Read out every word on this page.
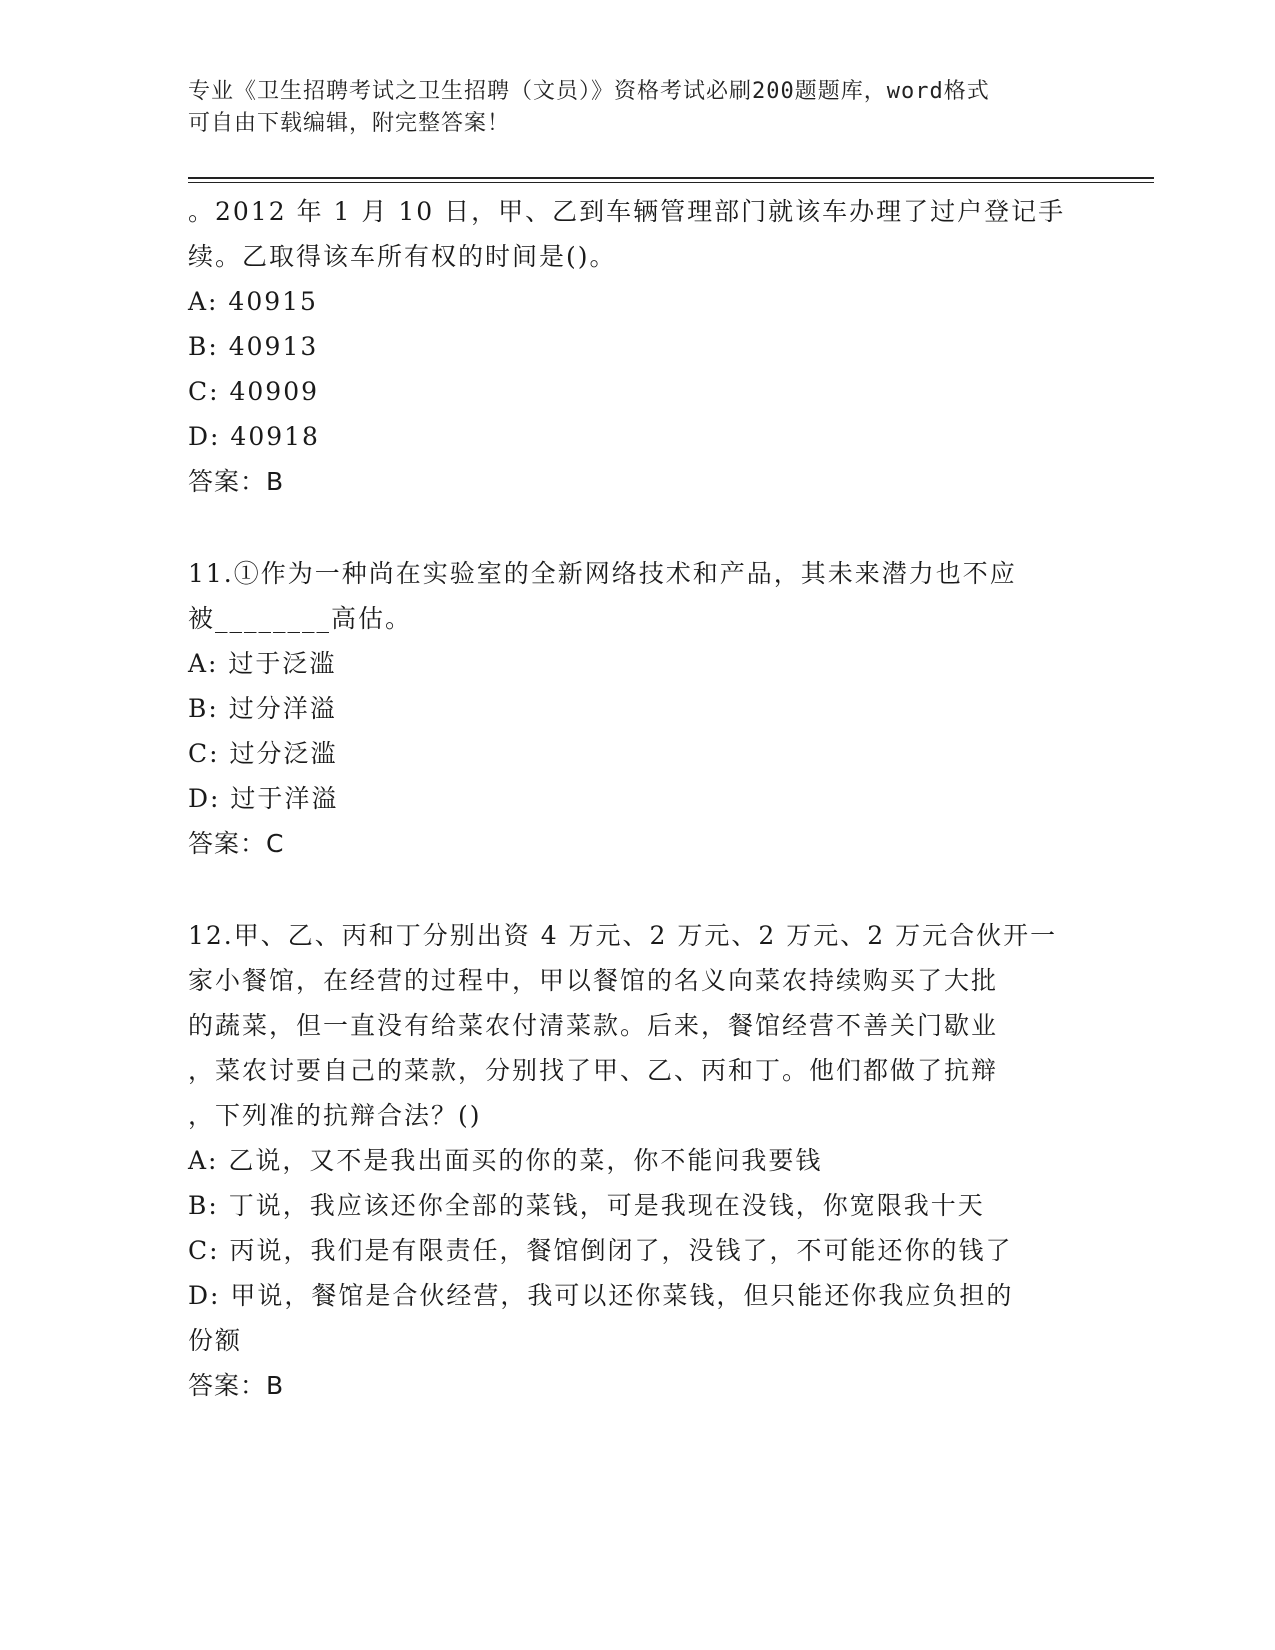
专业《卫生招聘考试之卫生招聘（文员）》资格考试必刷200题题库，word格式
可自由下载编辑，附完整答案！
。2012 年 1 月 10 日，甲、乙到车辆管理部门就该车办理了过户登记手
续。乙取得该车所有权的时间是()。
A: 40915
B: 40913
C: 40909
D: 40918
答案：B
11.①作为一种尚在实验室的全新网络技术和产品，其未来潜力也不应
被________高估。
A: 过于泛滥
B: 过分洋溢
C: 过分泛滥
D: 过于洋溢
答案：C
12.甲、乙、丙和丁分别出资 4 万元、2 万元、2 万元、2 万元合伙开一
家小餐馆，在经营的过程中，甲以餐馆的名义向菜农持续购买了大批
的蔬菜，但一直没有给菜农付清菜款。后来，餐馆经营不善关门歇业
，菜农讨要自己的菜款，分别找了甲、乙、丙和丁。他们都做了抗辩
，下列准的抗辩合法？()
A: 乙说，又不是我出面买的你的菜，你不能问我要钱
B: 丁说，我应该还你全部的菜钱，可是我现在没钱，你宽限我十天
C: 丙说，我们是有限责任，餐馆倒闭了，没钱了，不可能还你的钱了
D: 甲说，餐馆是合伙经营，我可以还你菜钱，但只能还你我应负担的
份额
答案：B
